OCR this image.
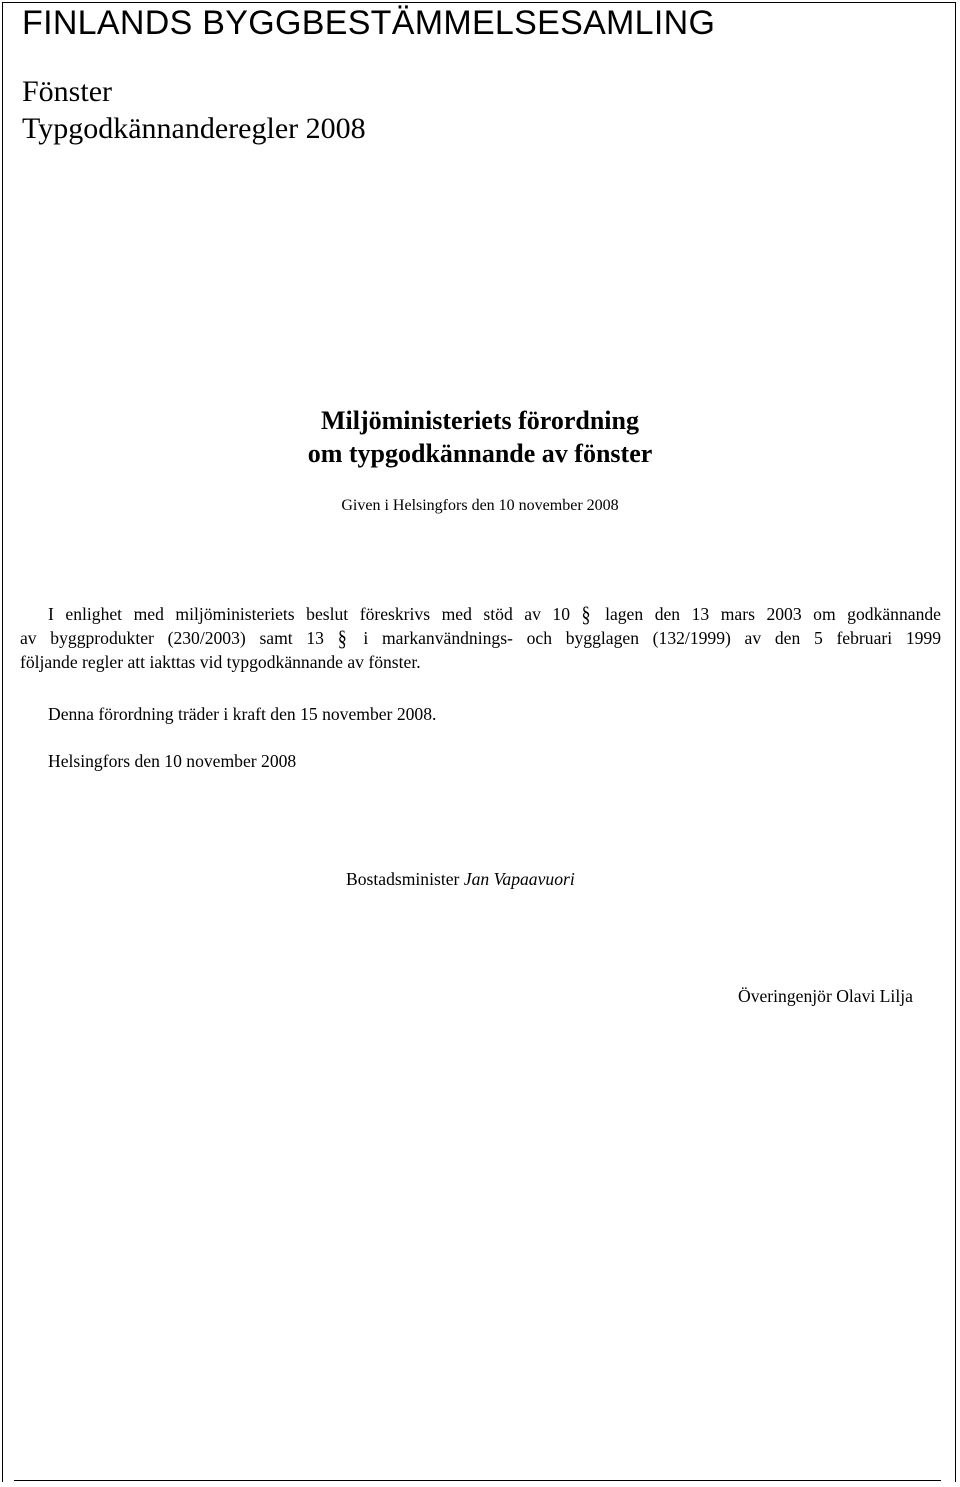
FINLANDS BYGGBESTÄMMELSESAMLING
Fönster
Typgodkännanderegler 2008
Miljöministeriets förordning
om typgodkännande av fönster
Given i Helsingfors den 10 november 2008
I enlighet med miljöministeriets beslut föreskrivs med stöd av 10 § lagen den 13 mars 2003 om godkännande
av byggprodukter (230/2003) samt 13 § i markanvändnings- och bygglagen (132/1999) av den 5 februari 1999
följande regler att iakttas vid typgodkännande av fönster.
Denna förordning träder i kraft den 15 november 2008.
Helsingfors den 10 november 2008
Bostadsminister Jan Vapaavuori
Överingenjör Olavi Lilja
